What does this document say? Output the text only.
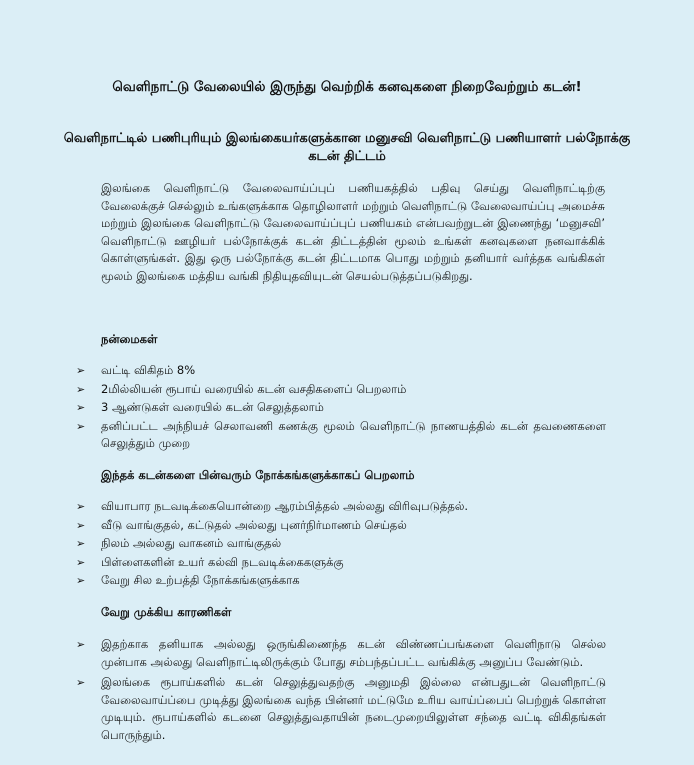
வெளிநாட்டு வேலையில் இருந்து வெற்றிக் கனவுகளை நிறைவேற்றும் கடன்!
வெளிநாட்டில் பணிபுரியும் இலங்கையர்களுக்கான மனுசவி வெளிநாட்டு பணியாளர் பல்நோக்கு கடன் திட்டம்
இலங்கை வெளிநாட்டு வேலைவாய்ப்புப் பணியகத்தில் பதிவு செய்து வெளிநாட்டிற்கு வேலைக்குச் செல்லும் உங்களுக்காக தொழிலாளர் மற்றும் வெளிநாட்டு வேலைவாய்ப்பு அமைச்சு மற்றும் இலங்கை வெளிநாட்டு வேலைவாய்ப்புப் பணியகம் என்பவற்றுடன் இணைந்து ‘மனுசவி’ வெளிநாட்டு ஊழியர் பல்நோக்குக் கடன் திட்டத்தின் மூலம் உங்கள் கனவுகளை நனவாக்கிக் கொள்ளுங்கள். இது ஒரு பல்நோக்கு கடன் திட்டமாக பொது மற்றும் தனியார் வர்த்தக வங்கிகள் மூலம் இலங்கை மத்திய வங்கி நிதியுதவியுடன் செயல்படுத்தப்படுகிறது.
நன்மைகள்
➢ வட்டி விகிதம் 8%
➢ 2மில்லியன் ரூபாய் வரையில் கடன் வசதிகளைப் பெறலாம்
➢ 3 ஆண்டுகள் வரையில் கடன் செலுத்தலாம்
➢ தனிப்பட்ட அந்நியச் செலாவணி கணக்கு மூலம் வெளிநாட்டு நாணயத்தில் கடன் தவணைகளை செலுத்தும் முறை
இந்தக் கடன்களை பின்வரும் நோக்கங்களுக்காகப் பெறலாம்
➢ வியாபார நடவடிக்கையொன்றை ஆரம்பித்தல் அல்லது விரிவுபடுத்தல்.
➢ வீடு வாங்குதல், கட்டுதல் அல்லது புனர்நிர்மாணம் செய்தல்
➢ நிலம் அல்லது வாகனம் வாங்குதல்
➢ பிள்ளைகளின் உயர் கல்வி நடவடிக்கைகளுக்கு
➢ வேறு சில உற்பத்தி நோக்கங்களுக்காக
வேறு முக்கிய காரணிகள்
➢ இதற்காக தனியாக அல்லது ஒருங்கிணைந்த கடன் விண்ணப்பங்களை வெளிநாடு செல்ல முன்பாக அல்லது வெளிநாட்டிலிருக்கும் போது சம்பந்தப்பட்ட வங்கிக்கு அனுப்ப வேண்டும்.
➢ இலங்கை ரூபாய்களில் கடன் செலுத்துவதற்கு அனுமதி இல்லை என்பதுடன் வெளிநாட்டு வேலைவாய்ப்பை முடித்து இலங்கை வந்த பின்னர் மட்டுமே உரிய வாய்ப்பைப் பெற்றுக் கொள்ள முடியும். ரூபாய்களில் கடனை செலுத்துவதாயின் நடைமுறையிலுள்ள சந்தை வட்டி விகிதங்கள் பொருந்தும்.
